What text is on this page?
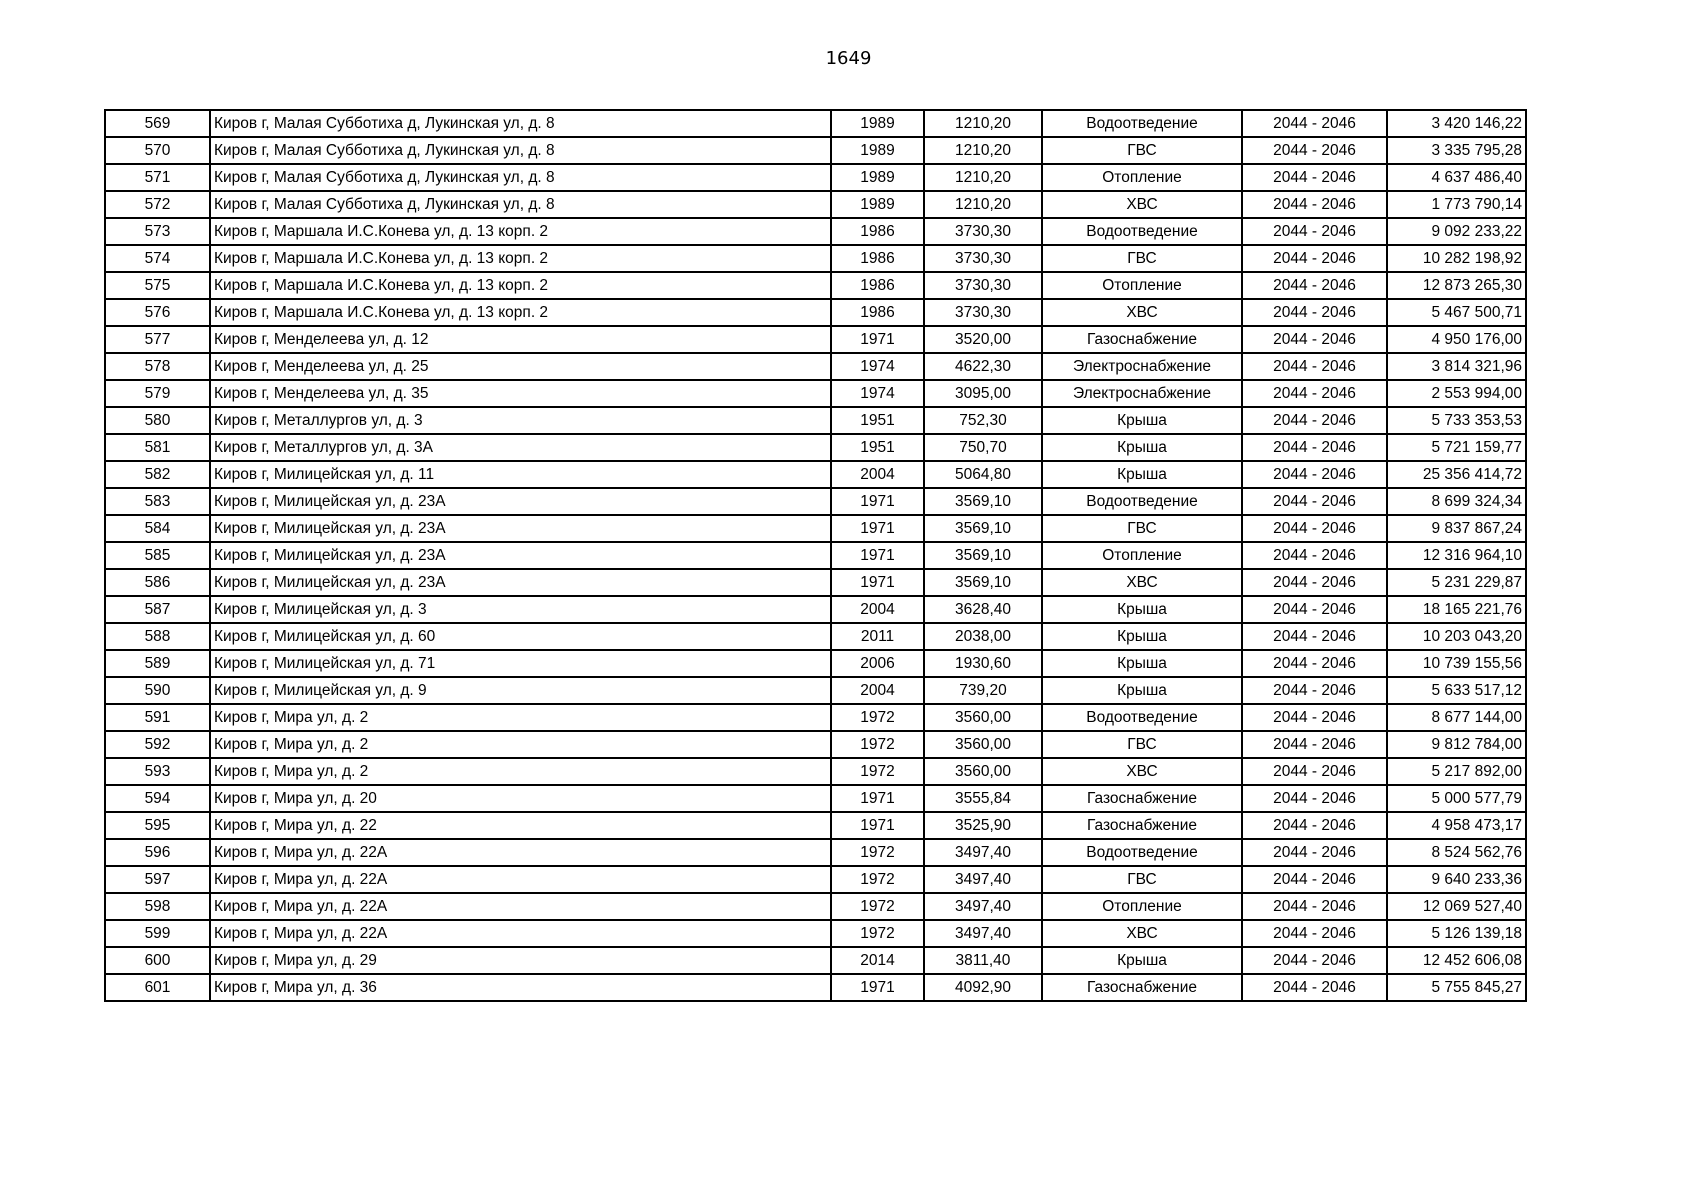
1649
569	Киров г, Малая Субботиха д, Лукинская ул, д. 8	1989	1210,20	Водоотведение	2044 - 2046	3 420 146,22
570	Киров г, Малая Субботиха д, Лукинская ул, д. 8	1989	1210,20	ГВС	2044 - 2046	3 335 795,28
571	Киров г, Малая Субботиха д, Лукинская ул, д. 8	1989	1210,20	Отопление	2044 - 2046	4 637 486,40
572	Киров г, Малая Субботиха д, Лукинская ул, д. 8	1989	1210,20	ХВС	2044 - 2046	1 773 790,14
573	Киров г, Маршала И.С.Конева ул, д. 13 корп. 2	1986	3730,30	Водоотведение	2044 - 2046	9 092 233,22
574	Киров г, Маршала И.С.Конева ул, д. 13 корп. 2	1986	3730,30	ГВС	2044 - 2046	10 282 198,92
575	Киров г, Маршала И.С.Конева ул, д. 13 корп. 2	1986	3730,30	Отопление	2044 - 2046	12 873 265,30
576	Киров г, Маршала И.С.Конева ул, д. 13 корп. 2	1986	3730,30	ХВС	2044 - 2046	5 467 500,71
577	Киров г, Менделеева ул, д. 12	1971	3520,00	Газоснабжение	2044 - 2046	4 950 176,00
578	Киров г, Менделеева ул, д. 25	1974	4622,30	Электроснабжение	2044 - 2046	3 814 321,96
579	Киров г, Менделеева ул, д. 35	1974	3095,00	Электроснабжение	2044 - 2046	2 553 994,00
580	Киров г, Металлургов ул, д. 3	1951	752,30	Крыша	2044 - 2046	5 733 353,53
581	Киров г, Металлургов ул, д. 3А	1951	750,70	Крыша	2044 - 2046	5 721 159,77
582	Киров г, Милицейская ул, д. 11	2004	5064,80	Крыша	2044 - 2046	25 356 414,72
583	Киров г, Милицейская ул, д. 23А	1971	3569,10	Водоотведение	2044 - 2046	8 699 324,34
584	Киров г, Милицейская ул, д. 23А	1971	3569,10	ГВС	2044 - 2046	9 837 867,24
585	Киров г, Милицейская ул, д. 23А	1971	3569,10	Отопление	2044 - 2046	12 316 964,10
586	Киров г, Милицейская ул, д. 23А	1971	3569,10	ХВС	2044 - 2046	5 231 229,87
587	Киров г, Милицейская ул, д. 3	2004	3628,40	Крыша	2044 - 2046	18 165 221,76
588	Киров г, Милицейская ул, д. 60	2011	2038,00	Крыша	2044 - 2046	10 203 043,20
589	Киров г, Милицейская ул, д. 71	2006	1930,60	Крыша	2044 - 2046	10 739 155,56
590	Киров г, Милицейская ул, д. 9	2004	739,20	Крыша	2044 - 2046	5 633 517,12
591	Киров г, Мира ул, д. 2	1972	3560,00	Водоотведение	2044 - 2046	8 677 144,00
592	Киров г, Мира ул, д. 2	1972	3560,00	ГВС	2044 - 2046	9 812 784,00
593	Киров г, Мира ул, д. 2	1972	3560,00	ХВС	2044 - 2046	5 217 892,00
594	Киров г, Мира ул, д. 20	1971	3555,84	Газоснабжение	2044 - 2046	5 000 577,79
595	Киров г, Мира ул, д. 22	1971	3525,90	Газоснабжение	2044 - 2046	4 958 473,17
596	Киров г, Мира ул, д. 22А	1972	3497,40	Водоотведение	2044 - 2046	8 524 562,76
597	Киров г, Мира ул, д. 22А	1972	3497,40	ГВС	2044 - 2046	9 640 233,36
598	Киров г, Мира ул, д. 22А	1972	3497,40	Отопление	2044 - 2046	12 069 527,40
599	Киров г, Мира ул, д. 22А	1972	3497,40	ХВС	2044 - 2046	5 126 139,18
600	Киров г, Мира ул, д. 29	2014	3811,40	Крыша	2044 - 2046	12 452 606,08
601	Киров г, Мира ул, д. 36	1971	4092,90	Газоснабжение	2044 - 2046	5 755 845,27
